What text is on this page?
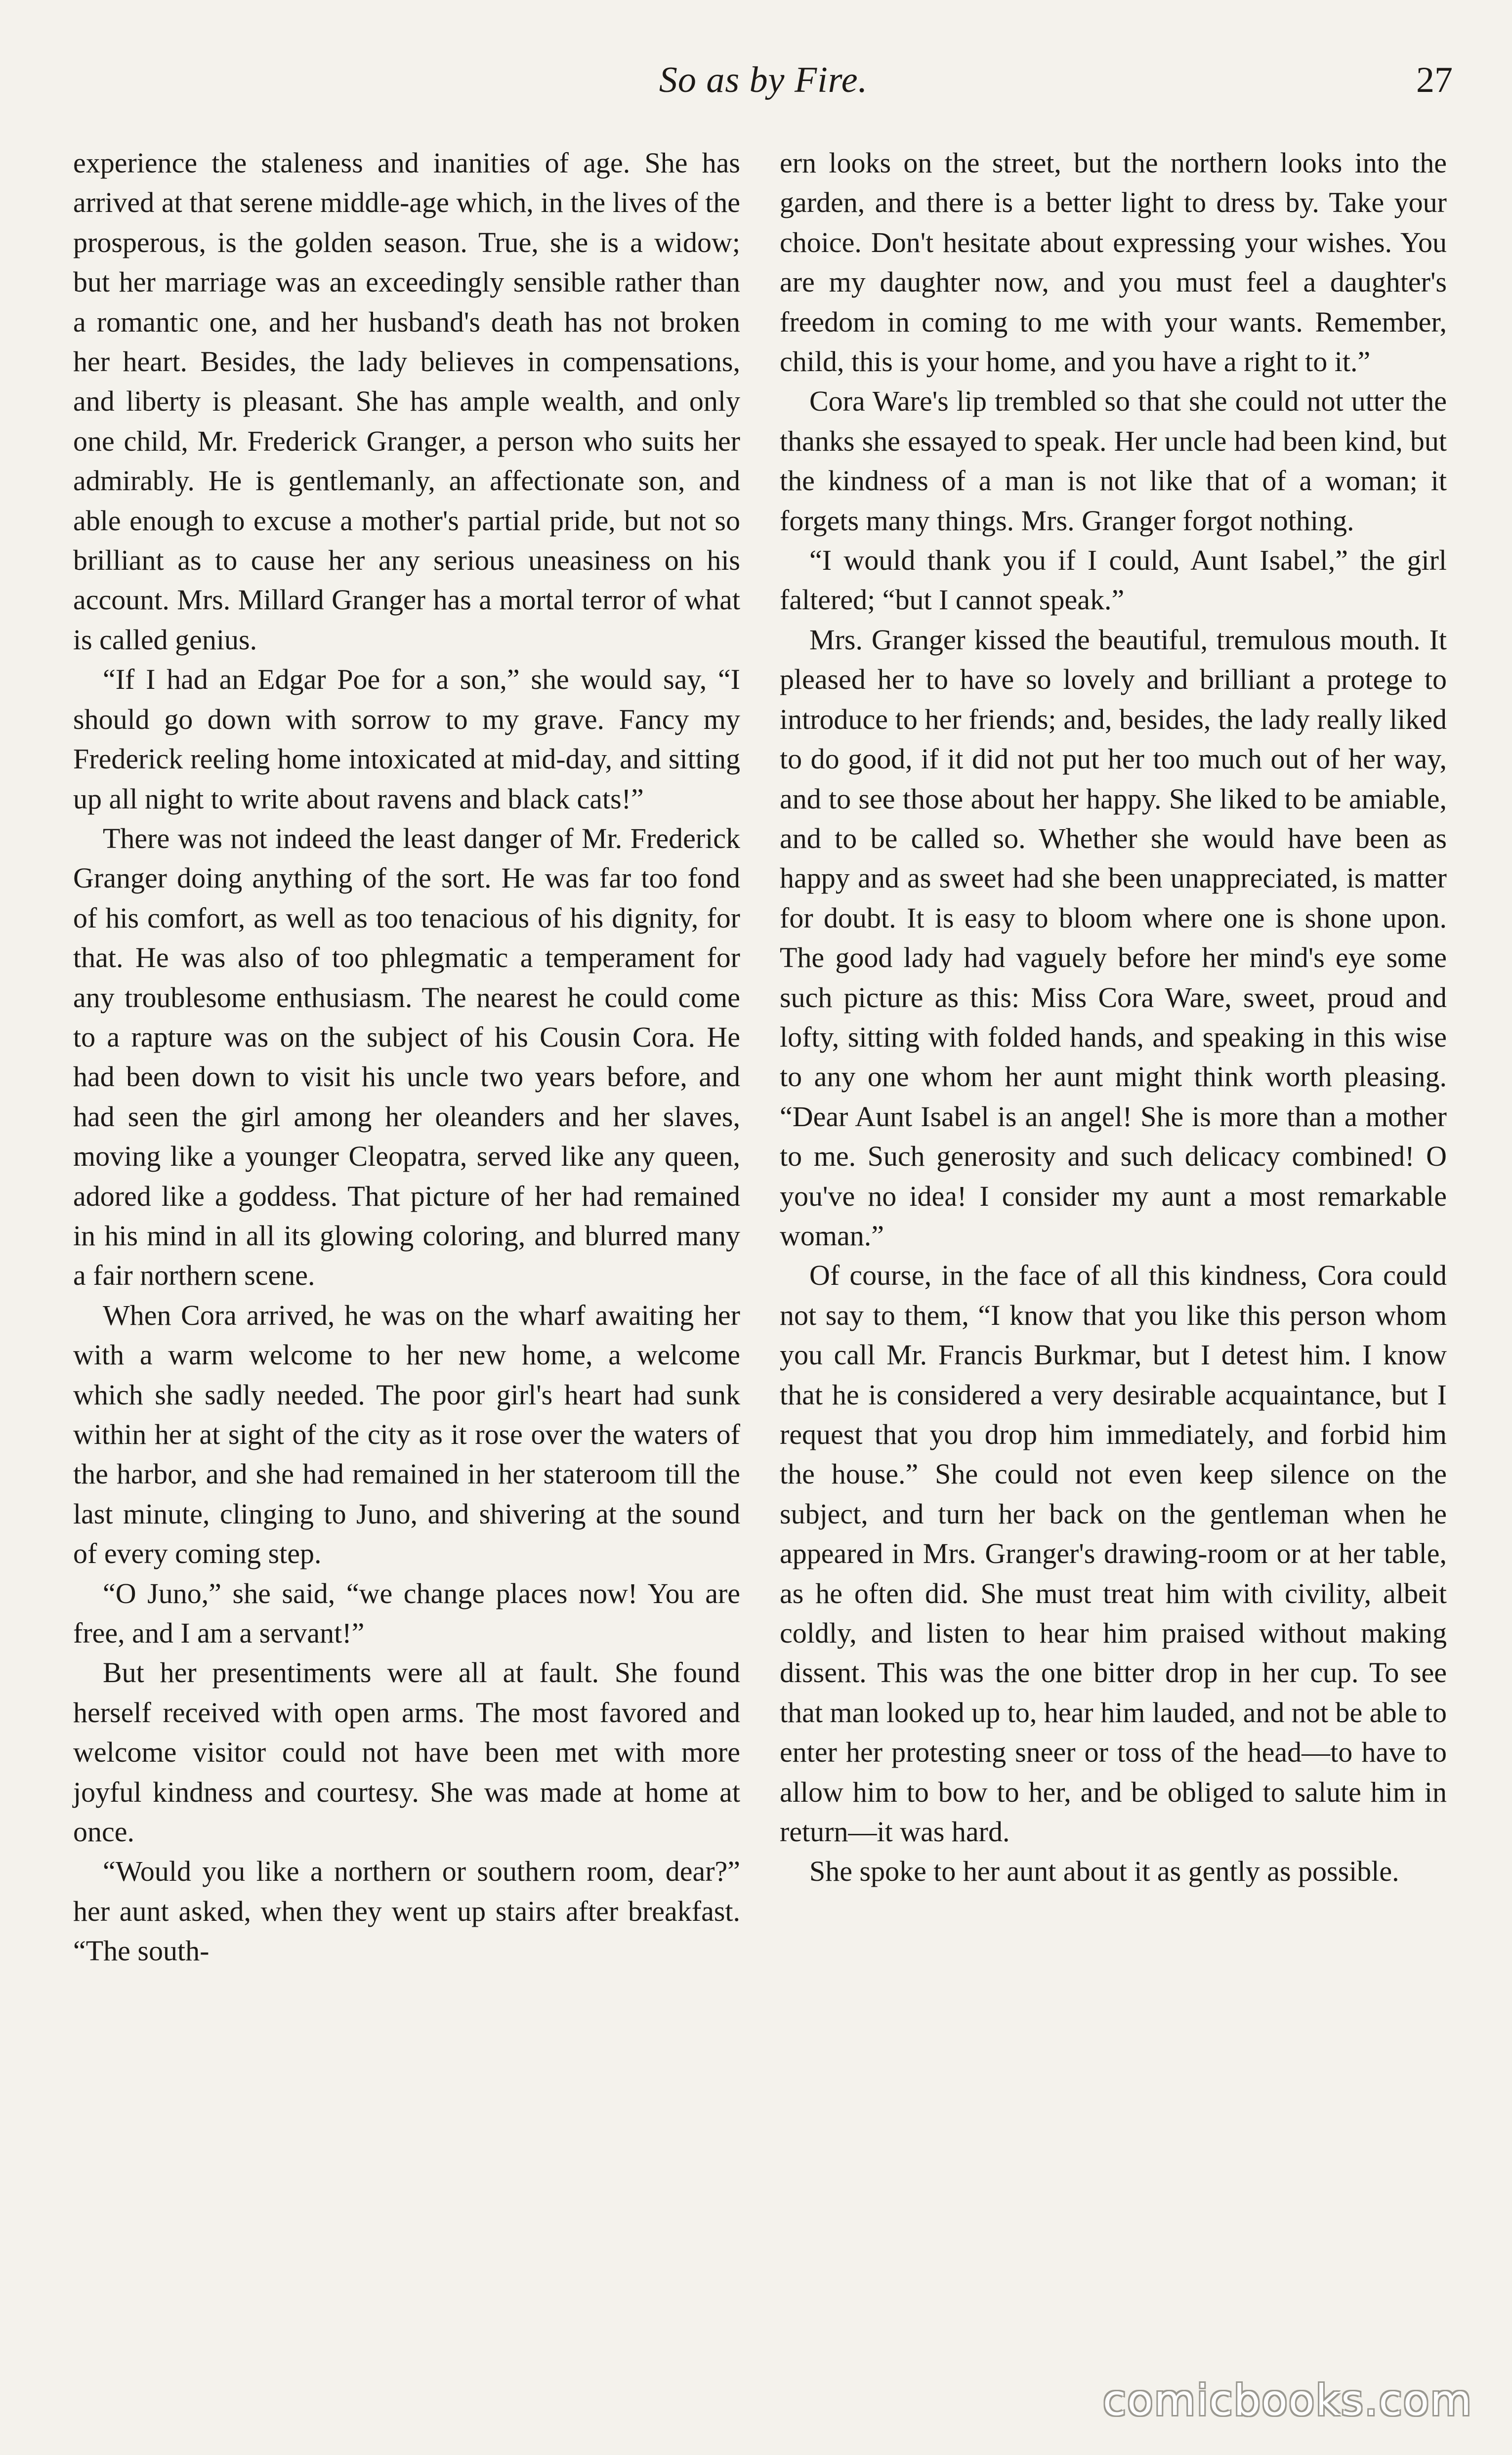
So as by Fire.	27

experience the staleness and inanities of age. She has arrived at that serene middle-age which, in the lives of the prosperous, is the golden season. True, she is a widow; but her marriage was an exceedingly sensible rather than a romantic one, and her husband's death has not broken her heart. Besides, the lady believes in compensations, and liberty is pleasant. She has ample wealth, and only one child, Mr. Frederick Granger, a person who suits her admirably. He is gentlemanly, an affectionate son, and able enough to excuse a mother's partial pride, but not so brilliant as to cause her any serious uneasiness on his account. Mrs. Millard Granger has a mortal terror of what is called genius.

“If I had an Edgar Poe for a son,” she would say, “I should go down with sorrow to my grave. Fancy my Frederick reeling home intoxicated at mid-day, and sitting up all night to write about ravens and black cats!”

There was not indeed the least danger of Mr. Frederick Granger doing anything of the sort. He was far too fond of his comfort, as well as too tenacious of his dignity, for that. He was also of too phlegmatic a temperament for any troublesome enthusiasm. The nearest he could come to a rapture was on the subject of his Cousin Cora. He had been down to visit his uncle two years before, and had seen the girl among her oleanders and her slaves, moving like a younger Cleopatra, served like any queen, adored like a goddess. That picture of her had remained in his mind in all its glowing coloring, and blurred many a fair northern scene.

When Cora arrived, he was on the wharf awaiting her with a warm welcome to her new home, a welcome which she sadly needed. The poor girl's heart had sunk within her at sight of the city as it rose over the waters of the harbor, and she had remained in her stateroom till the last minute, clinging to Juno, and shivering at the sound of every coming step.

“O Juno,” she said, “we change places now! You are free, and I am a servant!”

But her presentiments were all at fault. She found herself received with open arms. The most favored and welcome visitor could not have been met with more joyful kindness and courtesy. She was made at home at once.

“Would you like a northern or southern room, dear?” her aunt asked, when they went up stairs after breakfast. “The south-

ern looks on the street, but the northern looks into the garden, and there is a better light to dress by. Take your choice. Don't hesitate about expressing your wishes. You are my daughter now, and you must feel a daughter's freedom in coming to me with your wants. Remember, child, this is your home, and you have a right to it.”

Cora Ware's lip trembled so that she could not utter the thanks she essayed to speak. Her uncle had been kind, but the kindness of a man is not like that of a woman; it forgets many things. Mrs. Granger forgot nothing.

“I would thank you if I could, Aunt Isabel,” the girl faltered; “but I cannot speak.”

Mrs. Granger kissed the beautiful, tremulous mouth. It pleased her to have so lovely and brilliant a protege to introduce to her friends; and, besides, the lady really liked to do good, if it did not put her too much out of her way, and to see those about her happy. She liked to be amiable, and to be called so. Whether she would have been as happy and as sweet had she been unappreciated, is matter for doubt. It is easy to bloom where one is shone upon. The good lady had vaguely before her mind's eye some such picture as this: Miss Cora Ware, sweet, proud and lofty, sitting with folded hands, and speaking in this wise to any one whom her aunt might think worth pleasing. “Dear Aunt Isabel is an angel! She is more than a mother to me. Such generosity and such delicacy combined! O you've no idea! I consider my aunt a most remarkable woman.”

Of course, in the face of all this kindness, Cora could not say to them, “I know that you like this person whom you call Mr. Francis Burkmar, but I detest him. I know that he is considered a very desirable acquaintance, but I request that you drop him immediately, and forbid him the house.” She could not even keep silence on the subject, and turn her back on the gentleman when he appeared in Mrs. Granger's drawing-room or at her table, as he often did. She must treat him with civility, albeit coldly, and listen to hear him praised without making dissent. This was the one bitter drop in her cup. To see that man looked up to, hear him lauded, and not be able to enter her protesting sneer or toss of the head—to have to allow him to bow to her, and be obliged to salute him in return—it was hard.

She spoke to her aunt about it as gently as possible.

comicbooks.com
